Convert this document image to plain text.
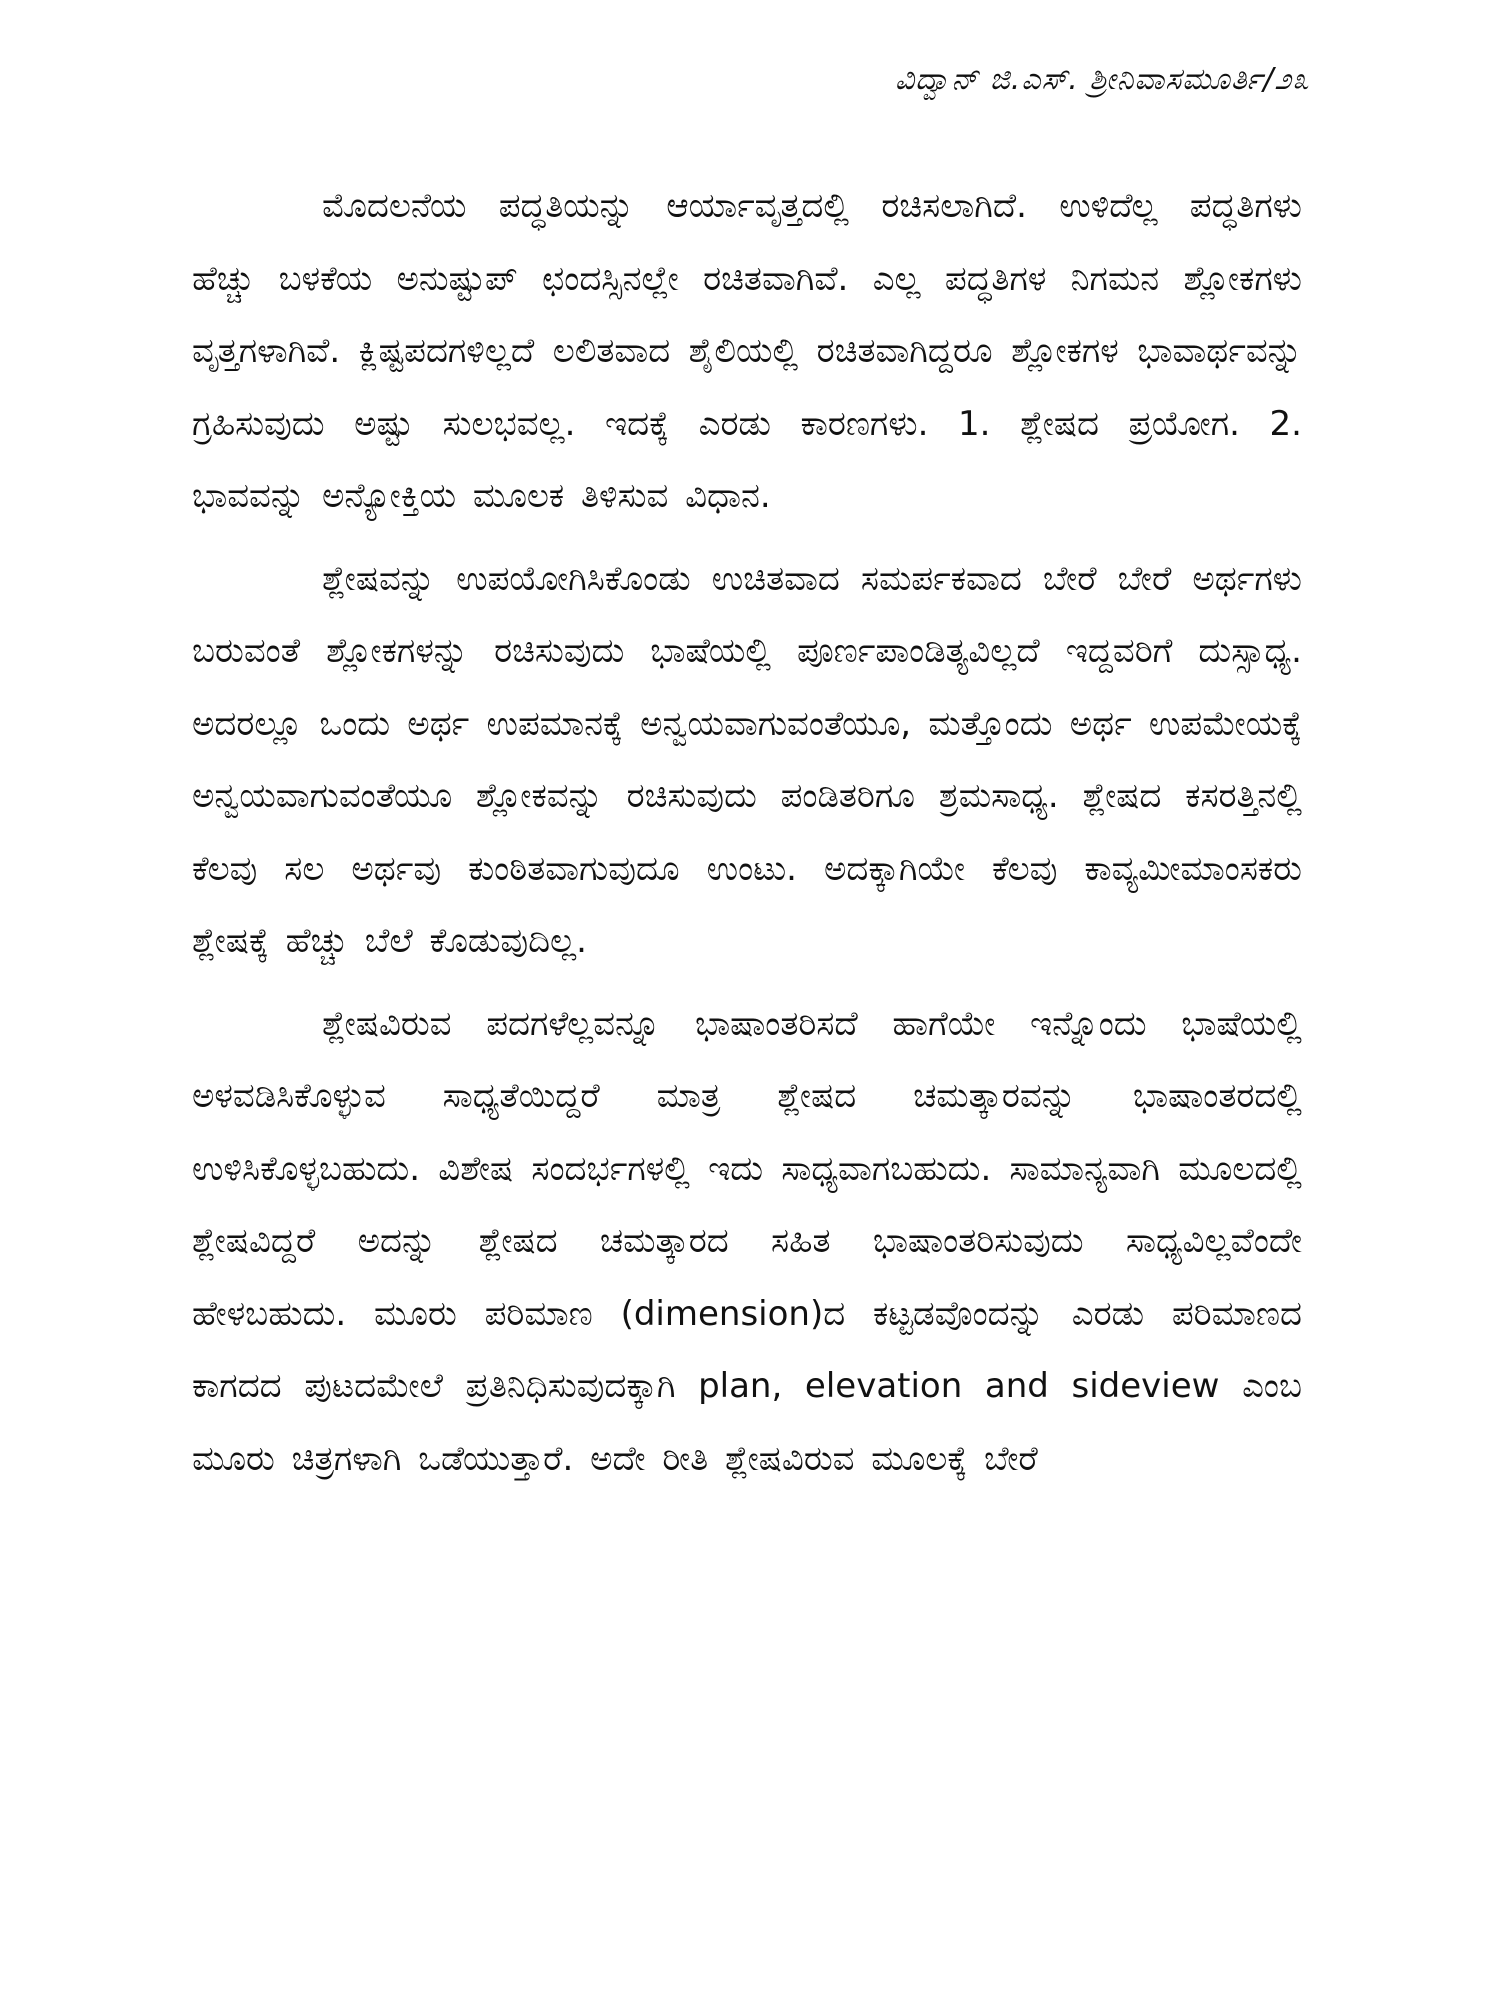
ವಿದ್ವಾನ್ ಜಿ.ಎಸ್. ಶ್ರೀನಿವಾಸಮೂರ್ತಿ/೨೩

ಮೊದಲನೆಯ ಪದ್ಧತಿಯನ್ನು ಆರ್ಯಾವೃತ್ತದಲ್ಲಿ ರಚಿಸಲಾಗಿದೆ. ಉಳಿದೆಲ್ಲ ಪದ್ಧತಿಗಳು ಹೆಚ್ಚು ಬಳಕೆಯ ಅನುಷ್ಟುಪ್ ಛಂದಸ್ಸಿನಲ್ಲೇ ರಚಿತವಾಗಿವೆ. ಎಲ್ಲ ಪದ್ಧತಿಗಳ ನಿಗಮನ ಶ್ಲೋಕಗಳು ವೃತ್ತಗಳಾಗಿವೆ. ಕ್ಲಿಷ್ಟಪದಗಳಿಲ್ಲದೆ ಲಲಿತವಾದ ಶೈಲಿಯಲ್ಲಿ ರಚಿತವಾಗಿದ್ದರೂ ಶ್ಲೋಕಗಳ ಭಾವಾರ್ಥವನ್ನು ಗ್ರಹಿಸುವುದು ಅಷ್ಟು ಸುಲಭವಲ್ಲ. ಇದಕ್ಕೆ ಎರಡು ಕಾರಣಗಳು. 1. ಶ್ಲೇಷದ ಪ್ರಯೋಗ. 2. ಭಾವವನ್ನು ಅನ್ಯೋಕ್ತಿಯ ಮೂಲಕ ತಿಳಿಸುವ ವಿಧಾನ.

ಶ್ಲೇಷವನ್ನು ಉಪಯೋಗಿಸಿಕೊಂಡು ಉಚಿತವಾದ ಸಮರ್ಪಕವಾದ ಬೇರೆ ಬೇರೆ ಅರ್ಥಗಳು ಬರುವಂತೆ ಶ್ಲೋಕಗಳನ್ನು ರಚಿಸುವುದು ಭಾಷೆಯಲ್ಲಿ ಪೂರ್ಣಪಾಂಡಿತ್ಯವಿಲ್ಲದೆ ಇದ್ದವರಿಗೆ ದುಸ್ಸಾಧ್ಯ. ಅದರಲ್ಲೂ ಒಂದು ಅರ್ಥ ಉಪಮಾನಕ್ಕೆ ಅನ್ವಯವಾಗುವಂತೆಯೂ, ಮತ್ತೊಂದು ಅರ್ಥ ಉಪಮೇಯಕ್ಕೆ ಅನ್ವಯವಾಗುವಂತೆಯೂ ಶ್ಲೋಕವನ್ನು ರಚಿಸುವುದು ಪಂಡಿತರಿಗೂ ಶ್ರಮಸಾಧ್ಯ. ಶ್ಲೇಷದ ಕಸರತ್ತಿನಲ್ಲಿ ಕೆಲವು ಸಲ ಅರ್ಥವು ಕುಂಠಿತವಾಗುವುದೂ ಉಂಟು. ಅದಕ್ಕಾಗಿಯೇ ಕೆಲವು ಕಾವ್ಯಮೀಮಾಂಸಕರು ಶ್ಲೇಷಕ್ಕೆ ಹೆಚ್ಚು ಬೆಲೆ ಕೊಡುವುದಿಲ್ಲ.

ಶ್ಲೇಷವಿರುವ ಪದಗಳೆಲ್ಲವನ್ನೂ ಭಾಷಾಂತರಿಸದೆ ಹಾಗೆಯೇ ಇನ್ನೊಂದು ಭಾಷೆಯಲ್ಲಿ ಅಳವಡಿಸಿಕೊಳ್ಳುವ ಸಾಧ್ಯತೆಯಿದ್ದರೆ ಮಾತ್ರ ಶ್ಲೇಷದ ಚಮತ್ಕಾರವನ್ನು ಭಾಷಾಂತರದಲ್ಲಿ ಉಳಿಸಿಕೊಳ್ಳಬಹುದು. ವಿಶೇಷ ಸಂದರ್ಭಗಳಲ್ಲಿ ಇದು ಸಾಧ್ಯವಾಗಬಹುದು. ಸಾಮಾನ್ಯವಾಗಿ ಮೂಲದಲ್ಲಿ ಶ್ಲೇಷವಿದ್ದರೆ ಅದನ್ನು ಶ್ಲೇಷದ ಚಮತ್ಕಾರದ ಸಹಿತ ಭಾಷಾಂತರಿಸುವುದು ಸಾಧ್ಯವಿಲ್ಲವೆಂದೇ ಹೇಳಬಹುದು. ಮೂರು ಪರಿಮಾಣ (dimension)ದ ಕಟ್ಟಡವೊಂದನ್ನು ಎರಡು ಪರಿಮಾಣದ ಕಾಗದದ ಪುಟದಮೇಲೆ ಪ್ರತಿನಿಧಿಸುವುದಕ್ಕಾಗಿ plan, elevation and sideview ಎಂಬ ಮೂರು ಚಿತ್ರಗಳಾಗಿ ಒಡೆಯುತ್ತಾರೆ. ಅದೇ ರೀತಿ ಶ್ಲೇಷವಿರುವ ಮೂಲಕ್ಕೆ ಬೇರೆ
